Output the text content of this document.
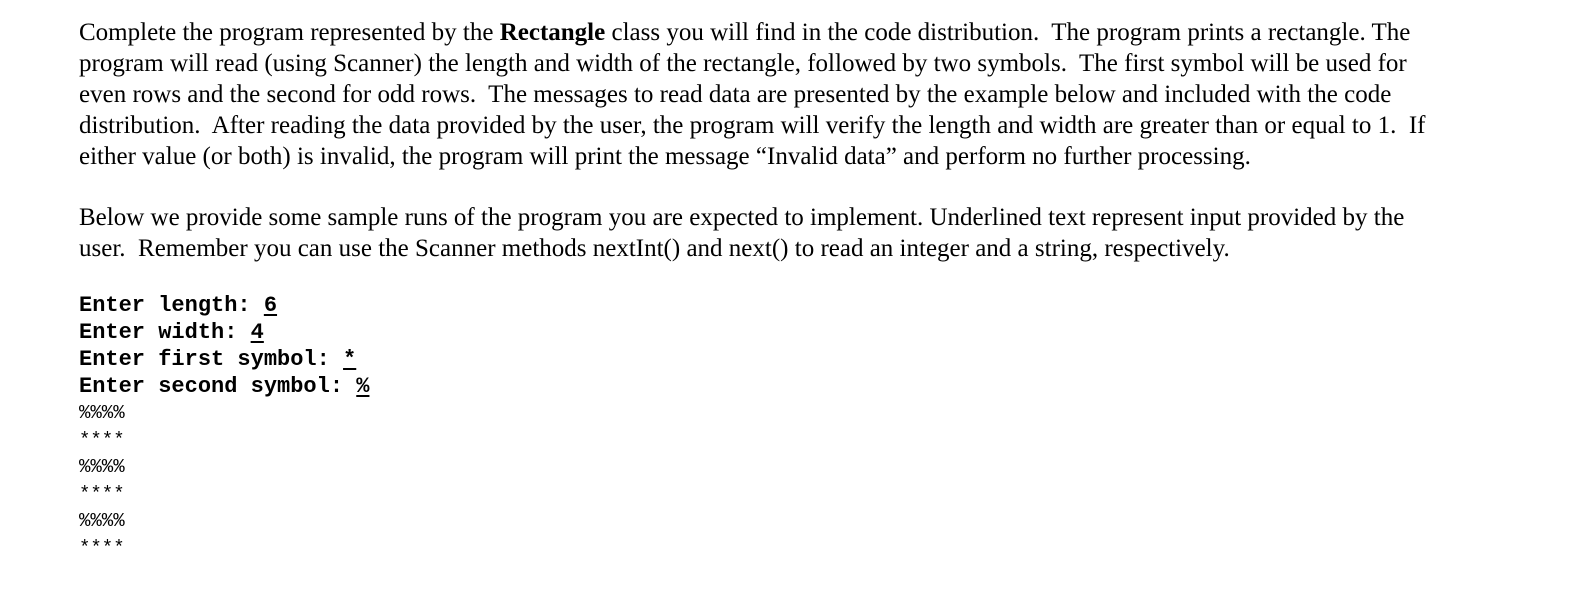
Complete the program represented by the Rectangle class you will find in the code distribution.  The program prints a rectangle. The
program will read (using Scanner) the length and width of the rectangle, followed by two symbols.  The first symbol will be used for
even rows and the second for odd rows.  The messages to read data are presented by the example below and included with the code
distribution.  After reading the data provided by the user, the program will verify the length and width are greater than or equal to 1.  If
either value (or both) is invalid, the program will print the message “Invalid data” and perform no further processing.

Below we provide some sample runs of the program you are expected to implement. Underlined text represent input provided by the
user.  Remember you can use the Scanner methods nextInt() and next() to read an integer and a string, respectively.

Enter length: 6
Enter width: 4
Enter first symbol: *
Enter second symbol: %
%%%%
****
%%%%
****
%%%%
****
